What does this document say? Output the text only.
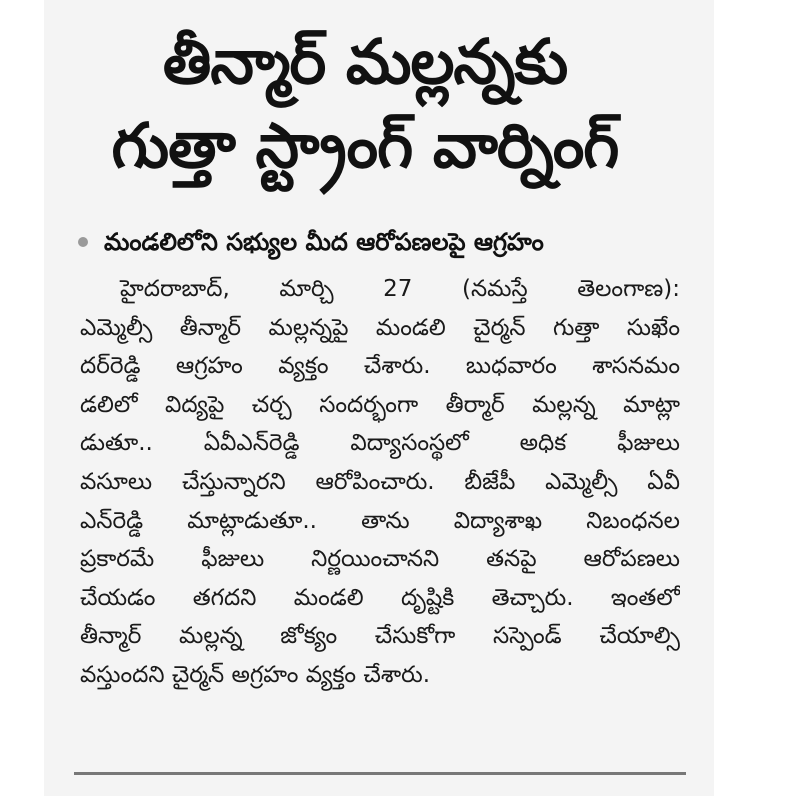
తీన్మార్ మల్లన్నకు
గుత్తా స్ట్రాంగ్ వార్నింగ్
మండలిలోని సభ్యుల మీద ఆరోపణలపై ఆగ్రహం
హైదరాబాద్, మార్చి 27 (నమస్తే తెలంగాణ):
ఎమ్మెల్సీ తీన్మార్ మల్లన్నపై మండలి చైర్మన్ గుత్తా సుఖేం
దర్‌రెడ్డి ఆగ్రహం వ్యక్తం చేశారు. బుధవారం శాసనమం
డలిలో విద్యపై చర్చ సందర్భంగా తీర్మార్ మల్లన్న మాట్లా
డుతూ.. ఏవీఎన్‌రెడ్డి విద్యాసంస్థలో అధిక ఫీజులు
వసూలు చేస్తున్నారని ఆరోపించారు. బీజేపీ ఎమ్మెల్సీ ఏవీ
ఎన్‌రెడ్డి మాట్లాడుతూ.. తాను విద్యాశాఖ నిబంధనల
ప్రకారమే ఫీజులు నిర్ణయించానని తనపై ఆరోపణలు
చేయడం తగదని మండలి దృష్టికి తెచ్చారు. ఇంతలో
తీన్మార్ మల్లన్న జోక్యం చేసుకోగా సస్పెండ్ చేయాల్సి
వస్తుందని చైర్మన్ అగ్రహం వ్యక్తం చేశారు.
